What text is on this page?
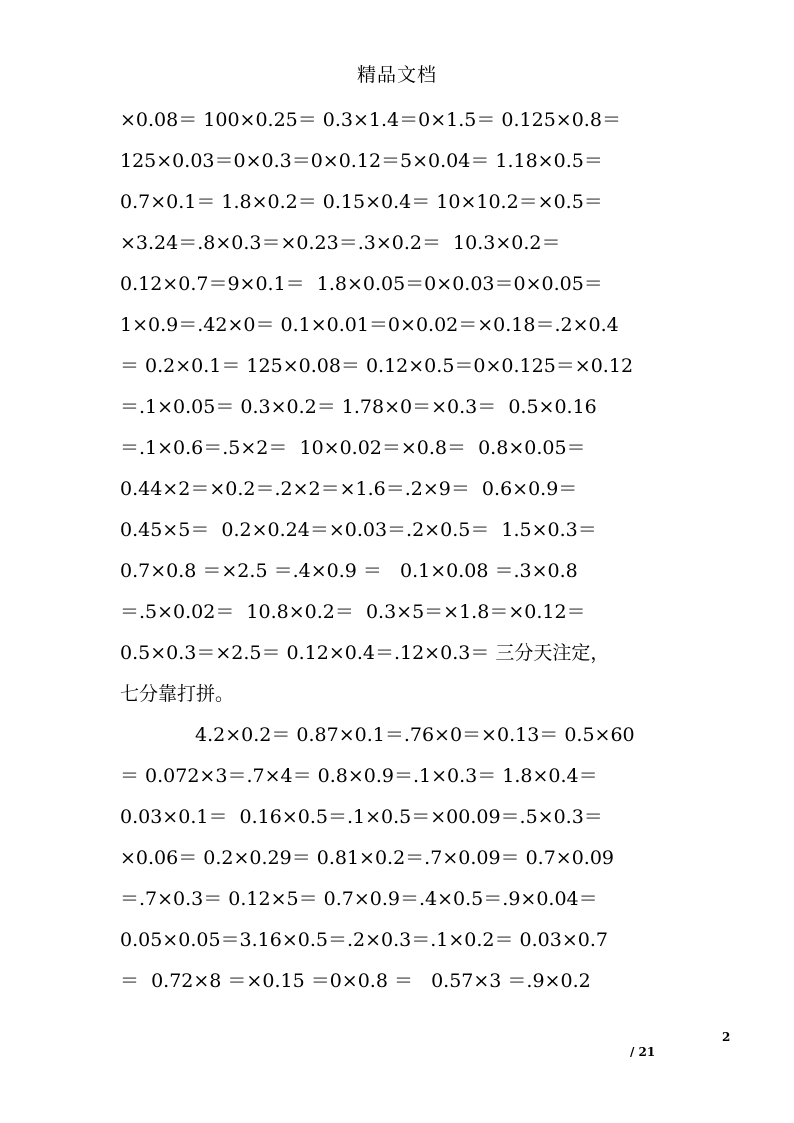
精品文档
×0.08＝ 100×0.25＝ 0.3×1.4＝0×1.5＝ 0.125×0.8＝
125×0.03＝0×0.3＝0×0.12＝5×0.04＝ 1.18×0.5＝
0.7×0.1＝ 1.8×0.2＝ 0.15×0.4＝ 10×10.2＝×0.5＝
×3.24＝.8×0.3＝×0.23＝.3×0.2＝  10.3×0.2＝
0.12×0.7＝9×0.1＝  1.8×0.05＝0×0.03＝0×0.05＝
1×0.9＝.42×0＝ 0.1×0.01＝0×0.02＝×0.18＝.2×0.4
＝ 0.2×0.1＝ 125×0.08＝ 0.12×0.5＝0×0.125＝×0.12
＝.1×0.05＝ 0.3×0.2＝ 1.78×0＝×0.3＝  0.5×0.16
＝.1×0.6＝.5×2＝  10×0.02＝×0.8＝  0.8×0.05＝
0.44×2＝×0.2＝.2×2＝×1.6＝.2×9＝  0.6×0.9＝
0.45×5＝  0.2×0.24＝×0.03＝.2×0.5＝  1.5×0.3＝
0.7×0.8 ＝×2.5 ＝.4×0.9 ＝   0.1×0.08 ＝.3×0.8
＝.5×0.02＝  10.8×0.2＝  0.3×5＝×1.8＝×0.12＝
0.5×0.3＝×2.5＝ 0.12×0.4＝.12×0.3＝ 三分天注定，
七分靠打拼。
4.2×0.2＝ 0.87×0.1＝.76×0＝×0.13＝ 0.5×60
＝ 0.072×3＝.7×4＝ 0.8×0.9＝.1×0.3＝ 1.8×0.4＝
0.03×0.1＝  0.16×0.5＝.1×0.5＝×00.09＝.5×0.3＝
×0.06＝ 0.2×0.29＝ 0.81×0.2＝.7×0.09＝ 0.7×0.09
＝.7×0.3＝ 0.12×5＝ 0.7×0.9＝.4×0.5＝.9×0.04＝
0.05×0.05＝3.16×0.5＝.2×0.3＝.1×0.2＝ 0.03×0.7
＝  0.72×8 ＝×0.15 ＝0×0.8 ＝   0.57×3 ＝.9×0.2
2
/ 21
